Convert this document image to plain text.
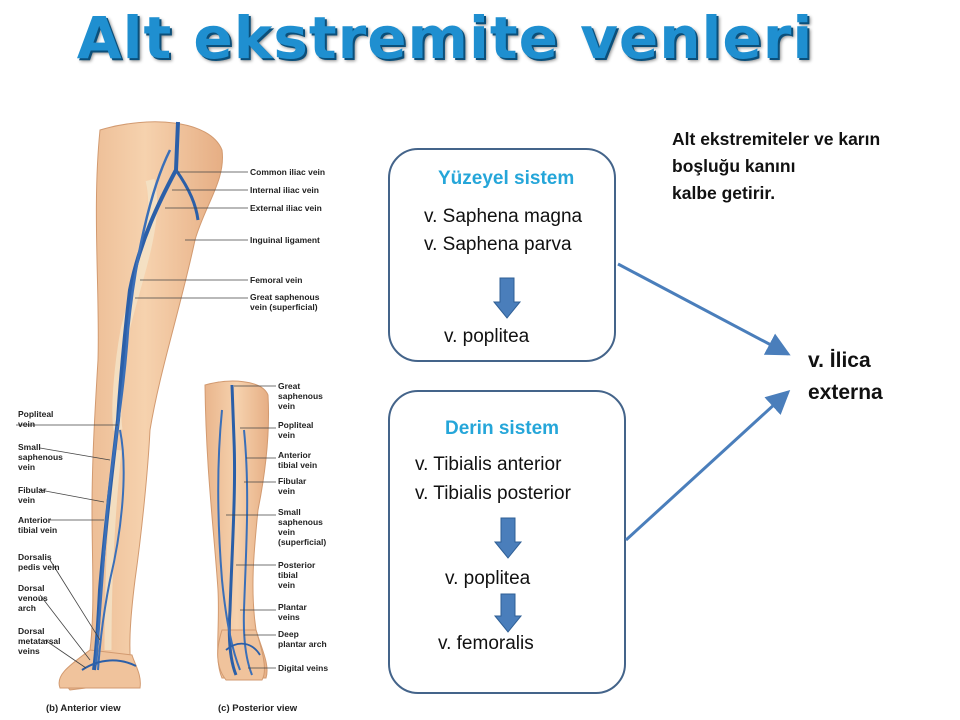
Alt ekstremite venleri
Common iliac vein
Internal iliac vein
External iliac vein
Inguinal ligament
Femoral vein
Great saphenous
vein (superficial)
Popliteal
vein
Small
saphenous
vein
Fibular
vein
Anterior
tibial vein
Dorsalis
pedis vein
Dorsal
venous
arch
Dorsal
metatarsal
veins
(b) Anterior view
Great
saphenous
vein
Popliteal
vein
Anterior
tibial vein
Fibular
vein
Small
saphenous
vein
(superficial)
Posterior
tibial
vein
Plantar
veins
Deep
plantar arch
Digital veins
(c) Posterior view
Yüzeyel sistem
v. Saphena magna
v. Saphena parva
v. poplitea
Derin sistem
v. Tibialis anterior
v. Tibialis posterior
v. poplitea
v. femoralis
Alt ekstremiteler ve karın
boşluğu kanını
kalbe getirir.
v. İlica
externa
